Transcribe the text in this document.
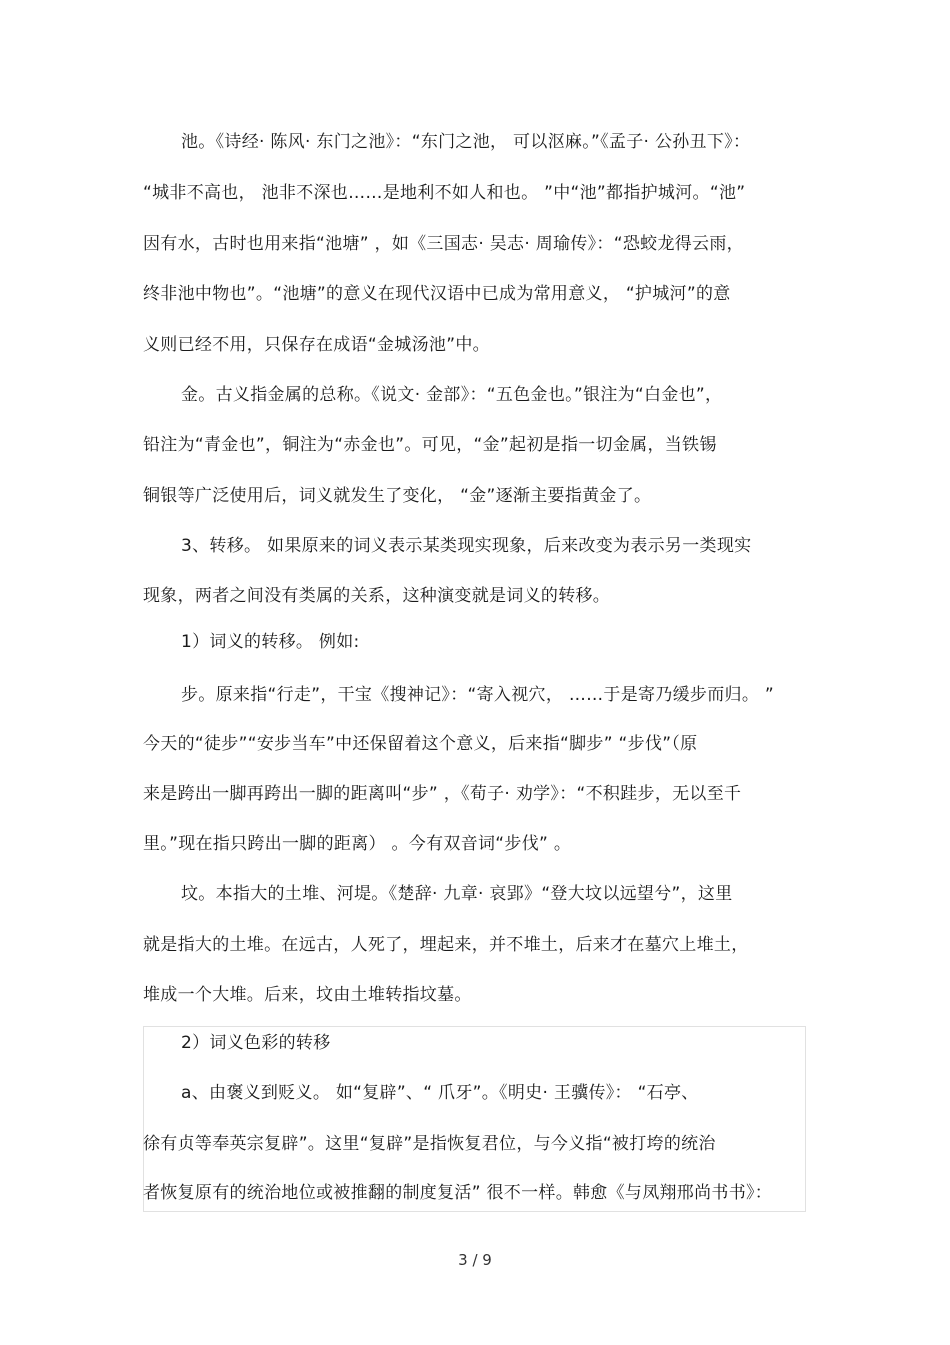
池。《诗经· 陈风· 东门之池》：“东门之池， 可以沤麻。”《孟子· 公孙丑下》：
“城非不高也， 池非不深也……是地利不如人和也。 ”中“池”都指护城河。“池”
因有水，古时也用来指“池塘” ，如《三国志· 吴志· 周瑜传》：“恐蛟龙得云雨，
终非池中物也”。“池塘”的意义在现代汉语中已成为常用意义， “护城河”的意
义则已经不用，只保存在成语“金城汤池”中。
金。古义指金属的总称。《说文· 金部》：“五色金也。”银注为“白金也”，
铅注为“青金也”，铜注为“赤金也”。可见，“金”起初是指一切金属，当铁锡
铜银等广泛使用后，词义就发生了变化， “金”逐渐主要指黄金了。
3、转移。 如果原来的词义表示某类现实现象，后来改变为表示另一类现实
现象，两者之间没有类属的关系，这种演变就是词义的转移。
1）词义的转移。 例如:
步。原来指“行走”，干宝《搜神记》：“寄入视穴， ……于是寄乃缓步而归。 ”
今天的“徒步”“安步当车”中还保留着这个意义，后来指“脚步” “步伐”（原
来是跨出一脚再跨出一脚的距离叫“步” ，《荀子· 劝学》：“不积跬步，无以至千
里。”现在指只跨出一脚的距离） 。今有双音词“步伐” 。
坟。本指大的土堆、河堤。《楚辞· 九章· 哀郢》“登大坟以远望兮”，这里
就是指大的土堆。在远古，人死了，埋起来，并不堆土，后来才在墓穴上堆土，
堆成一个大堆。后来，坟由土堆转指坟墓。
2）词义色彩的转移
a、由褒义到贬义。 如“复辟”、“ 爪牙”。《明史· 王骥传》： “石亭、
徐有贞等奉英宗复辟”。这里“复辟”是指恢复君位，与今义指“被打垮的统治
者恢复原有的统治地位或被推翻的制度复活” 很不一样。韩愈《与凤翔邢尚书书》：
3 / 9
